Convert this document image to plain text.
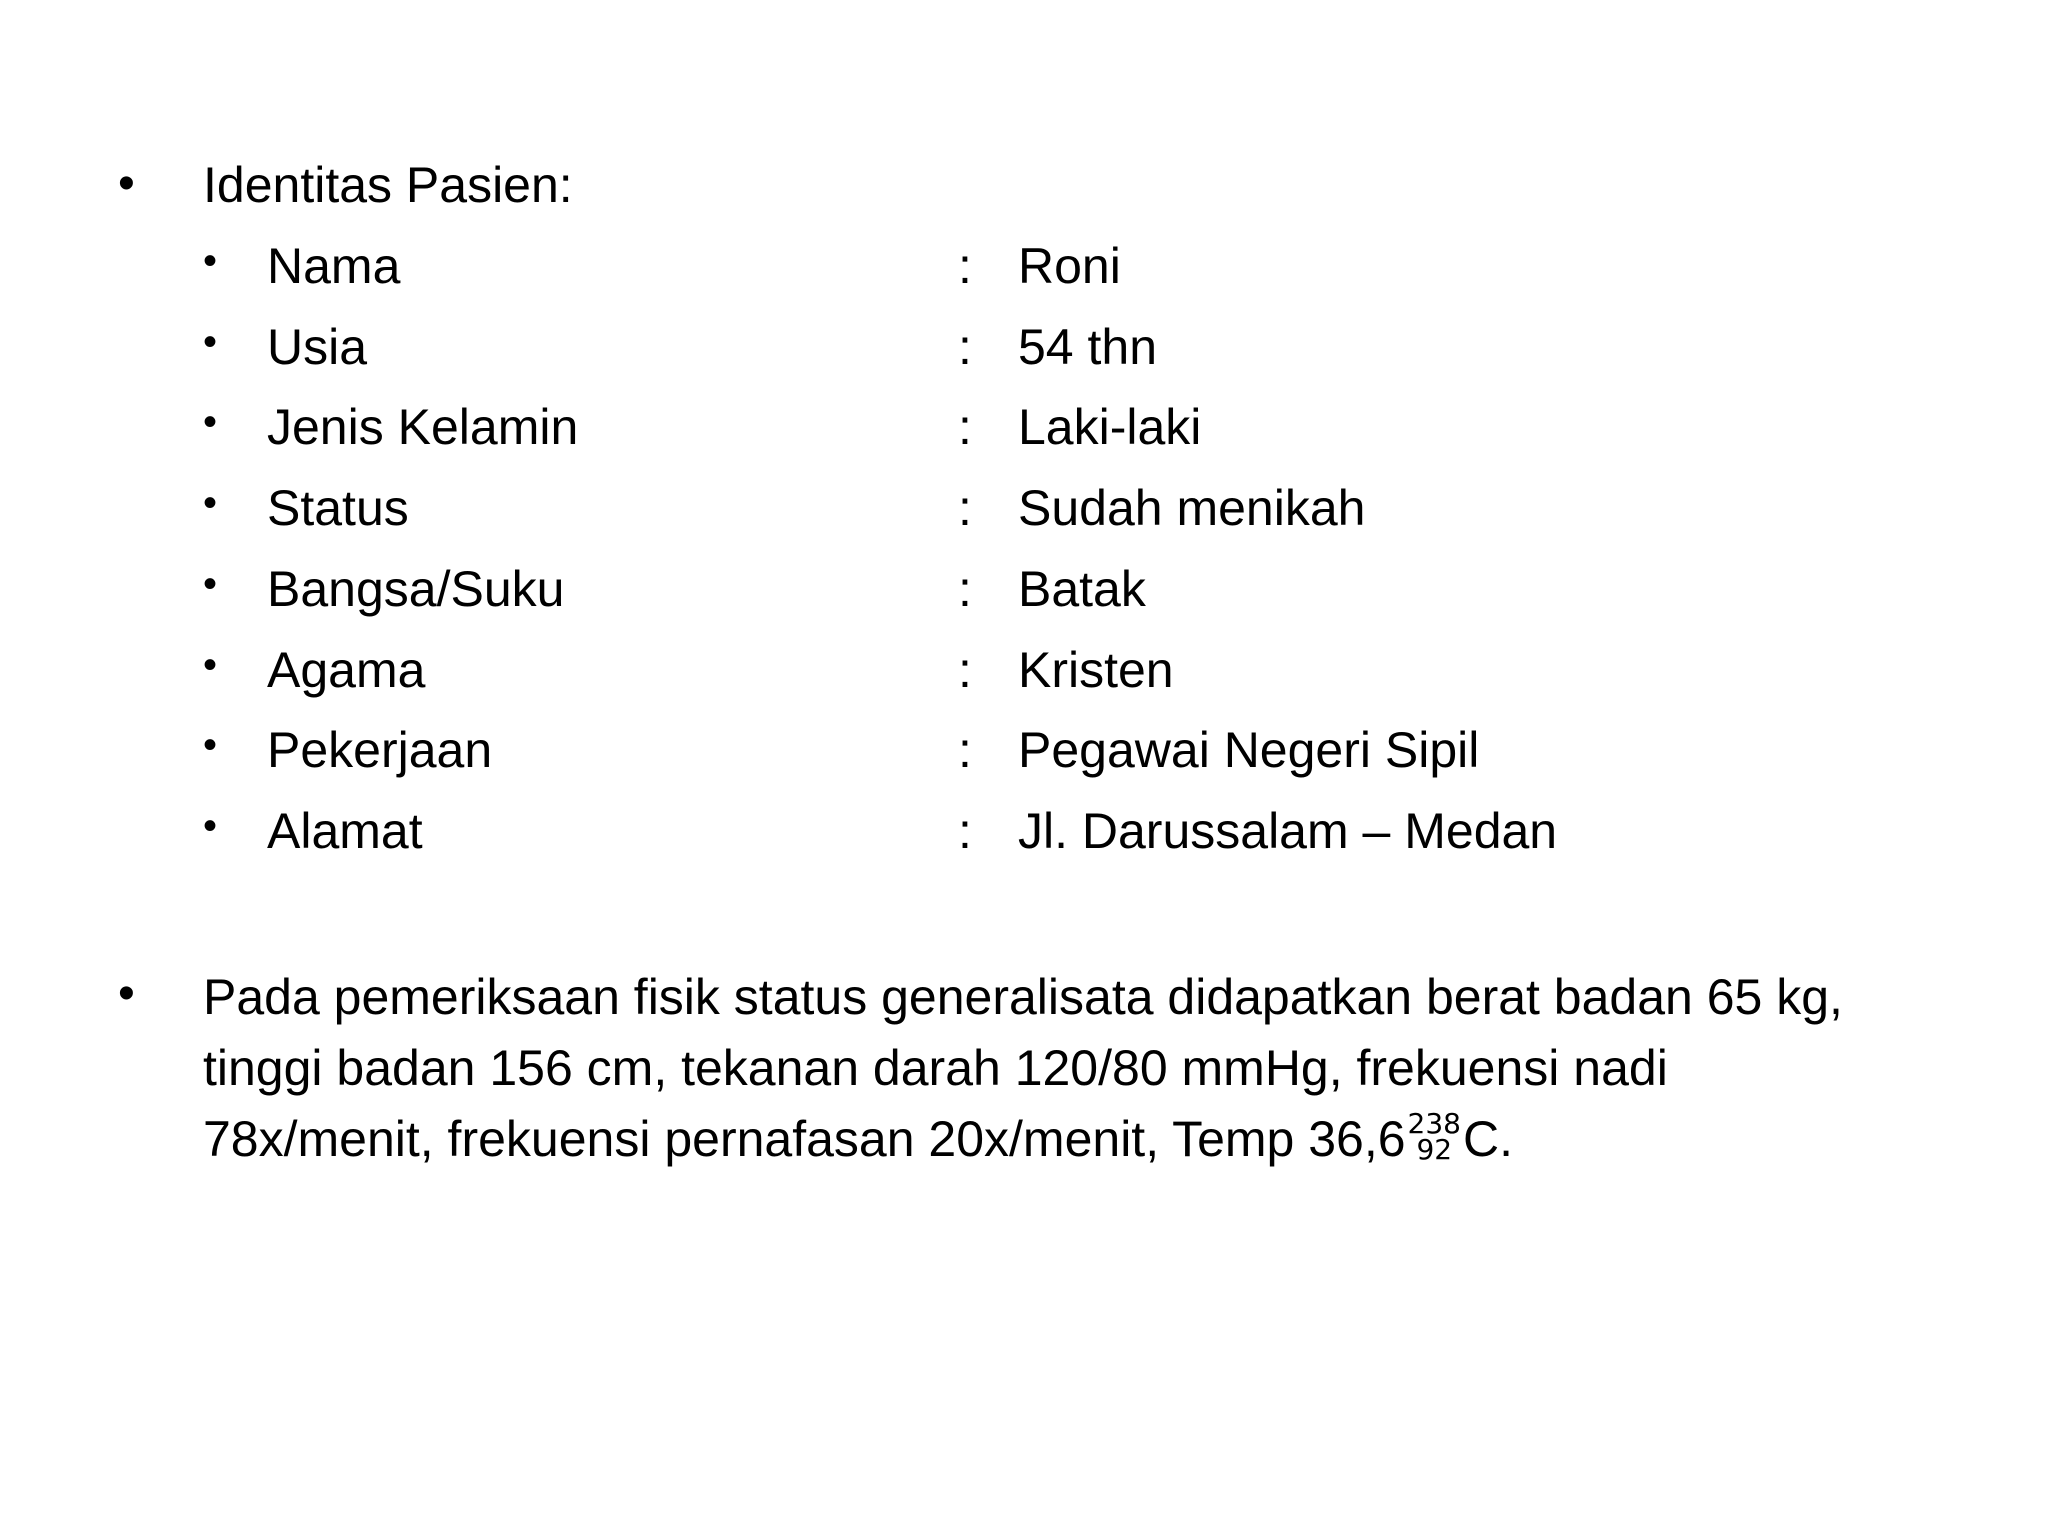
• Identitas Pasien:
• Nama	: Roni
• Usia	: 54 thn
• Jenis Kelamin	: Laki-laki
• Status	: Sudah menikah
• Bangsa/Suku	: Batak
• Agama	: Kristen
• Pekerjaan	: Pegawai Negeri Sipil
• Alamat	: Jl. Darussalam – Medan
• Pada pemeriksaan fisik status generalisata didapatkan berat badan 65 kg,
tinggi badan 156 cm, tekanan darah 120/80 mmHg, frekuensi nadi
78x/menit, frekuensi pernafasan 20x/menit, Temp 36,6 238
92 C.
